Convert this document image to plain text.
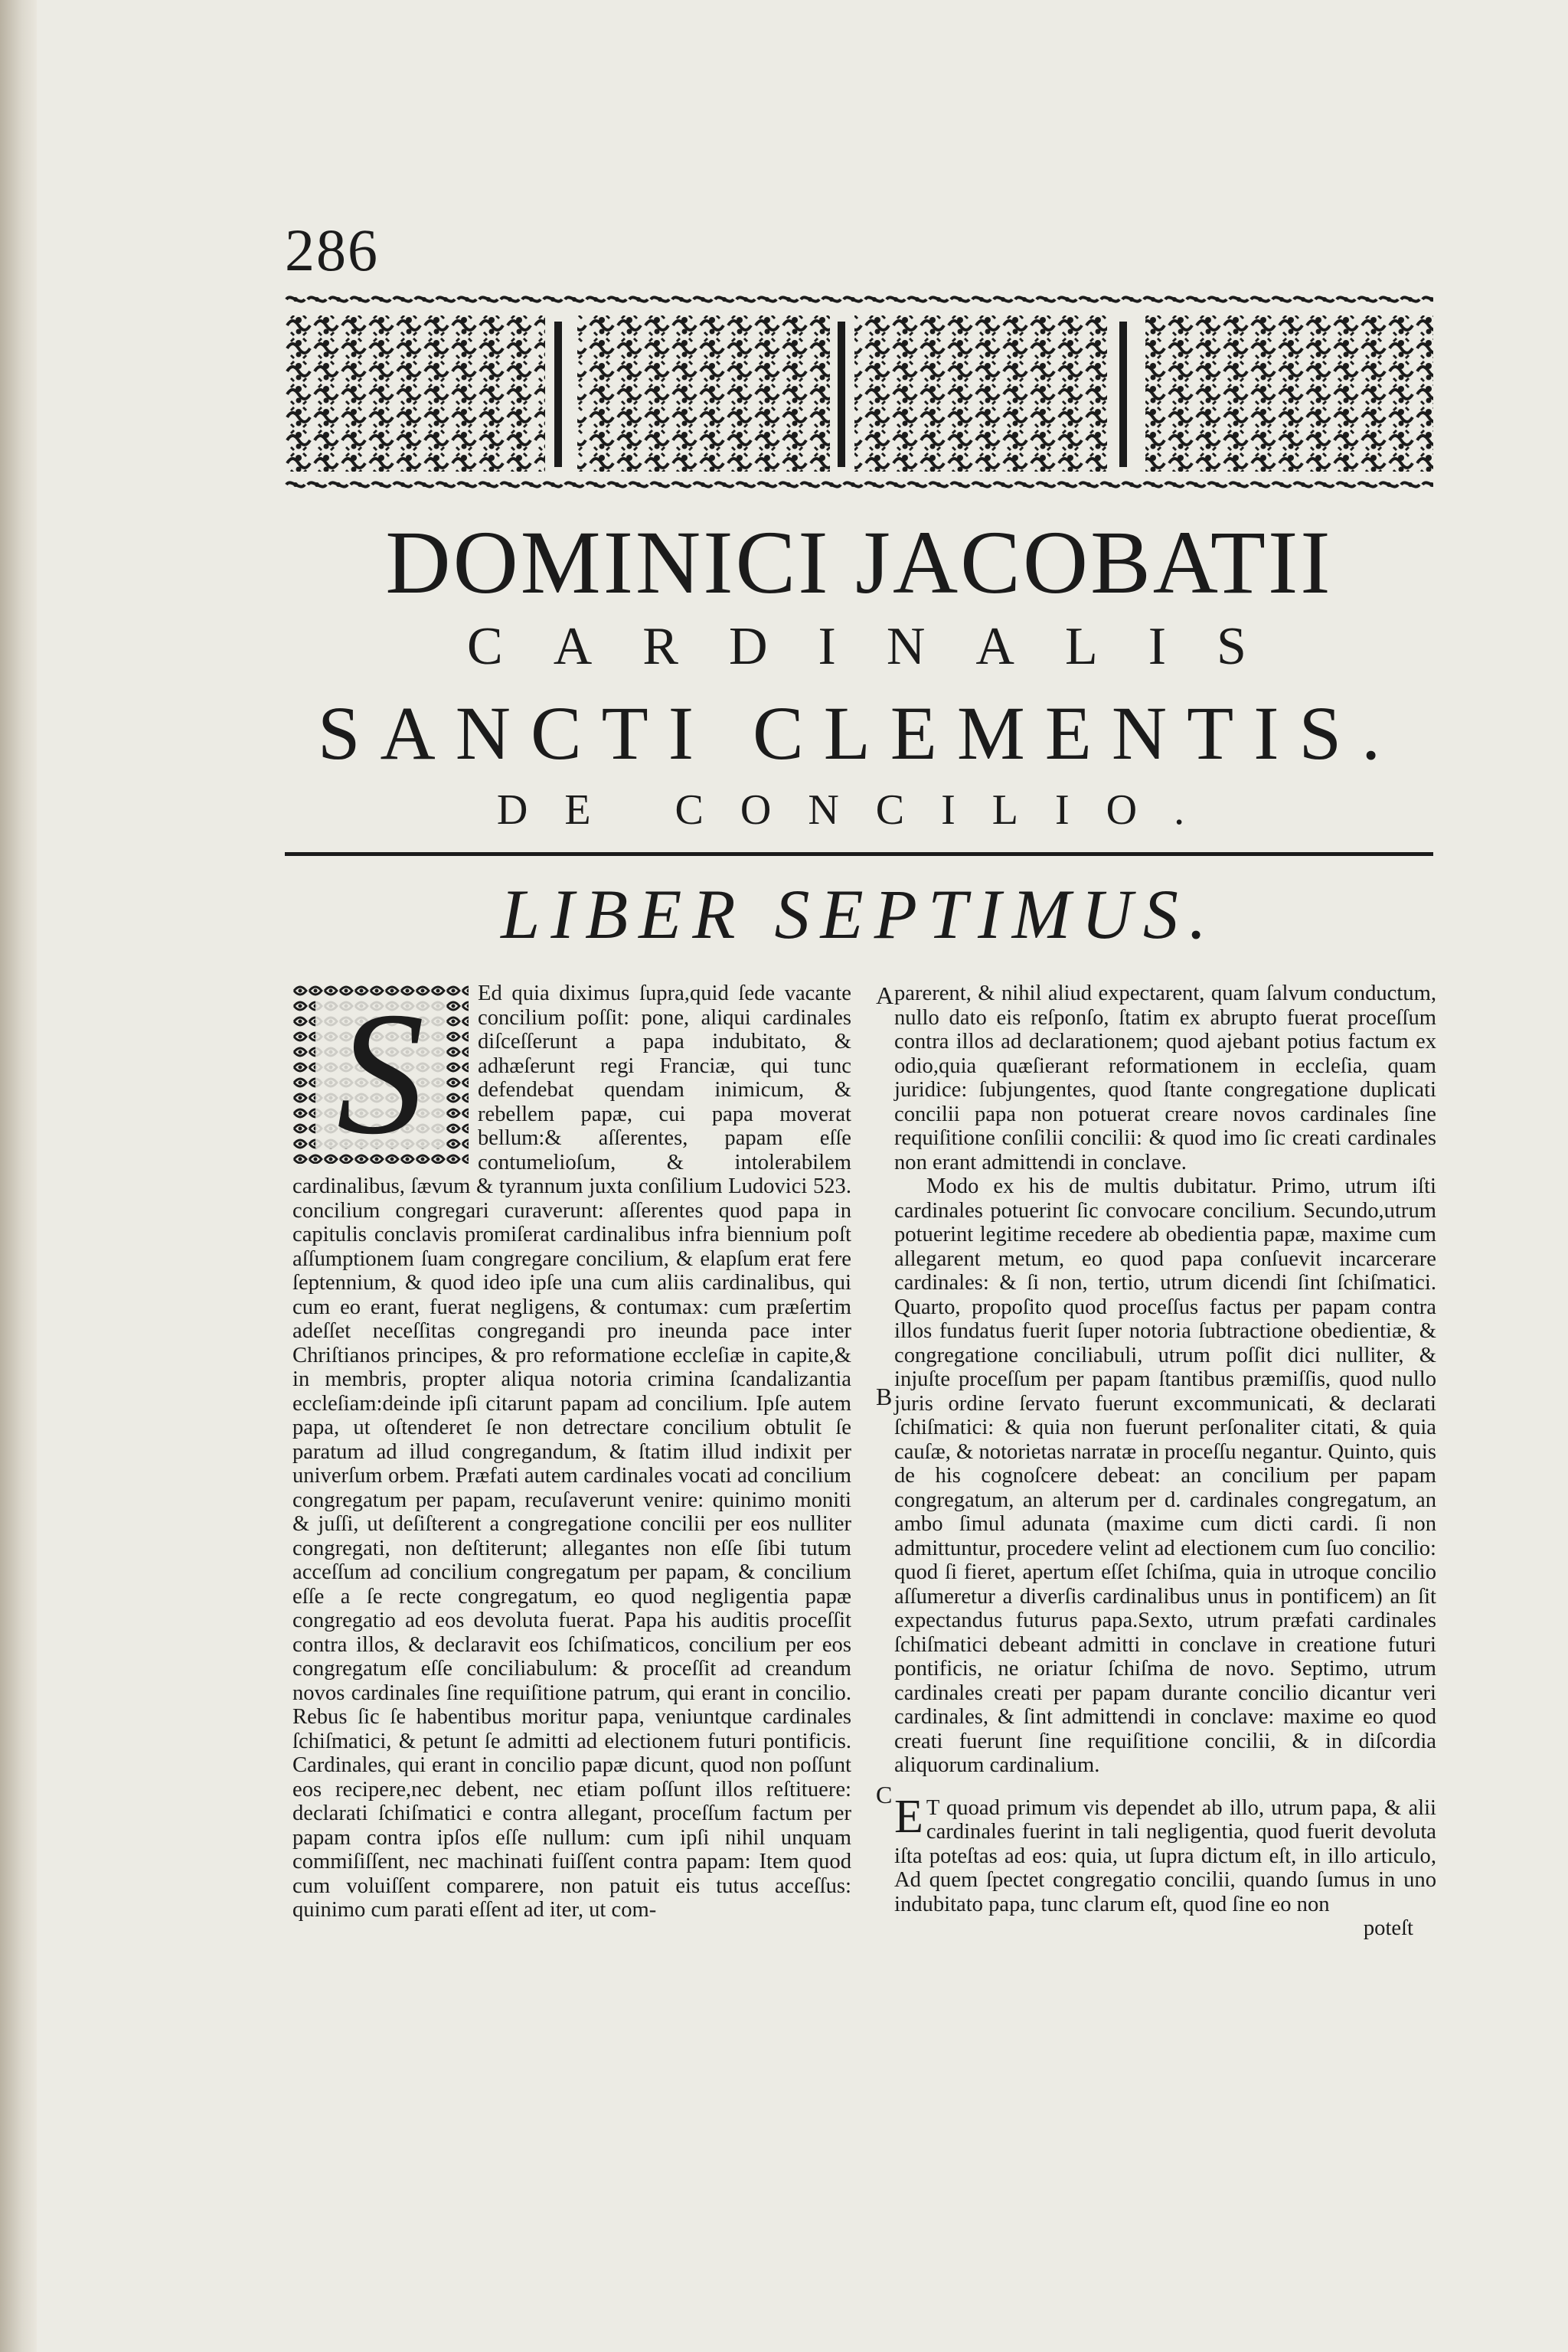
286
DOMINICI JACOBATII
CARDINALIS
SANCTI CLEMENTIS.
DE CONCILIO.
LIBER SEPTIMUS.
S	Ed quia diximus ſupra,quid ſede vacante concilium poſſit: pone, aliqui cardinales diſceſſerunt a papa indubitato, & adhæſerunt regi Franciæ, qui tunc defendebat quendam inimicum, & rebellem papæ, cui papa moverat bellum:& aſſerentes, papam eſſe contumelioſum, & intolerabilem cardinalibus, ſævum & tyrannum juxta conſilium Ludovici 523. concilium congregari curaverunt: aſſerentes quod papa in capitulis conclavis promiſerat cardinalibus infra biennium poſt aſſumptionem ſuam congregare concilium, & elapſum erat fere ſeptennium, & quod ideo ipſe una cum aliis cardinalibus, qui cum eo erant, fuerat negligens, & contumax: cum præſertim adeſſet neceſſitas congregandi pro ineunda pace inter Chriſtianos principes, & pro reformatione eccleſiæ in capite,& in membris, propter aliqua notoria crimina ſcandalizantia eccleſiam:deinde ipſi citarunt papam ad concilium. Ipſe autem papa, ut oſtenderet ſe non detrectare concilium obtulit ſe paratum ad illud congregandum, & ſtatim illud indixit per univerſum orbem. Præfati autem cardinales vocati ad concilium congregatum per papam, recuſaverunt venire: quinimo moniti & juſſi, ut deſiſterent a congregatione concilii per eos nulliter congregati, non deſtiterunt; allegantes non eſſe ſibi tutum acceſſum ad concilium congregatum per papam, & concilium eſſe a ſe recte congregatum, eo quod negligentia papæ congregatio ad eos devoluta fuerat. Papa his auditis proceſſit contra illos, & declaravit eos ſchiſmaticos, concilium per eos congregatum eſſe conciliabulum: & proceſſit ad creandum novos cardinales ſine requiſitione patrum, qui erant in concilio. Rebus ſic ſe habentibus moritur papa, veniuntque cardinales ſchiſmatici, & petunt ſe admitti ad electionem futuri pontificis. Cardinales, qui erant in concilio papæ dicunt, quod non poſſunt eos recipere,nec debent, nec etiam poſſunt illos reſtituere: declarati ſchiſmatici e contra allegant, proceſſum factum per papam contra ipſos eſſe nullum: cum ipſi nihil unquam commiſiſſent, nec machinati fuiſſent contra papam: Item quod cum voluiſſent comparere, non patuit eis tutus acceſſus: quinimo cum parati eſſent ad iter, ut com-

A
B
C

parerent, & nihil aliud expectarent, quam ſalvum conductum, nullo dato eis reſponſo, ſtatim ex abrupto fuerat proceſſum contra illos ad declarationem; quod ajebant potius factum ex odio,quia quæſierant reformationem in eccleſia, quam juridice: ſubjungentes, quod ſtante congregatione duplicati concilii papa non potuerat creare novos cardinales ſine requiſitione conſilii concilii: & quod imo ſic creati cardinales non erant admittendi in conclave.

Modo ex his de multis dubitatur. Primo, utrum iſti cardinales potuerint ſic convocare concilium. Secundo,utrum potuerint legitime recedere ab obedientia papæ, maxime cum allegarent metum, eo quod papa conſuevit incarcerare cardinales: & ſi non, tertio, utrum dicendi ſint ſchiſmatici. Quarto, propoſito quod proceſſus factus per papam contra illos fundatus fuerit ſuper notoria ſubtractione obedientiæ, & congregatione conciliabuli, utrum poſſit dici nulliter, & injuſte proceſſum per papam ſtantibus præmiſſis, quod nullo juris ordine ſervato fuerunt excommunicati, & declarati ſchiſmatici: & quia non fuerunt perſonaliter citati, & quia cauſæ, & notorietas narratæ in proceſſu negantur. Quinto, quis de his cognoſcere debeat: an concilium per papam congregatum, an alterum per d. cardinales congregatum, an ambo ſimul adunata (maxime cum dicti cardi. ſi non admittuntur, procedere velint ad electionem cum ſuo concilio: quod ſi fieret, apertum eſſet ſchiſma, quia in utroque concilio aſſumeretur a diverſis cardinalibus unus in pontificem) an ſit expectandus futurus papa.Sexto, utrum præfati cardinales ſchiſmatici debeant admitti in conclave in creatione futuri pontificis, ne oriatur ſchiſma de novo. Septimo, utrum cardinales creati per papam durante concilio dicantur veri cardinales, & ſint admittendi in conclave: maxime eo quod creati fuerunt ſine requiſitione concilii, & in diſcordia aliquorum cardinalium.

E T quoad primum vis dependet ab illo, utrum papa, & alii cardinales fuerint in tali negligentia, quod fuerit devoluta iſta poteſtas ad eos: quia, ut ſupra dictum eſt, in illo articulo, Ad quem ſpectet congregatio concilii, quando ſumus in uno indubitato papa, tunc clarum eſt, quod ſine eo non

poteſt
